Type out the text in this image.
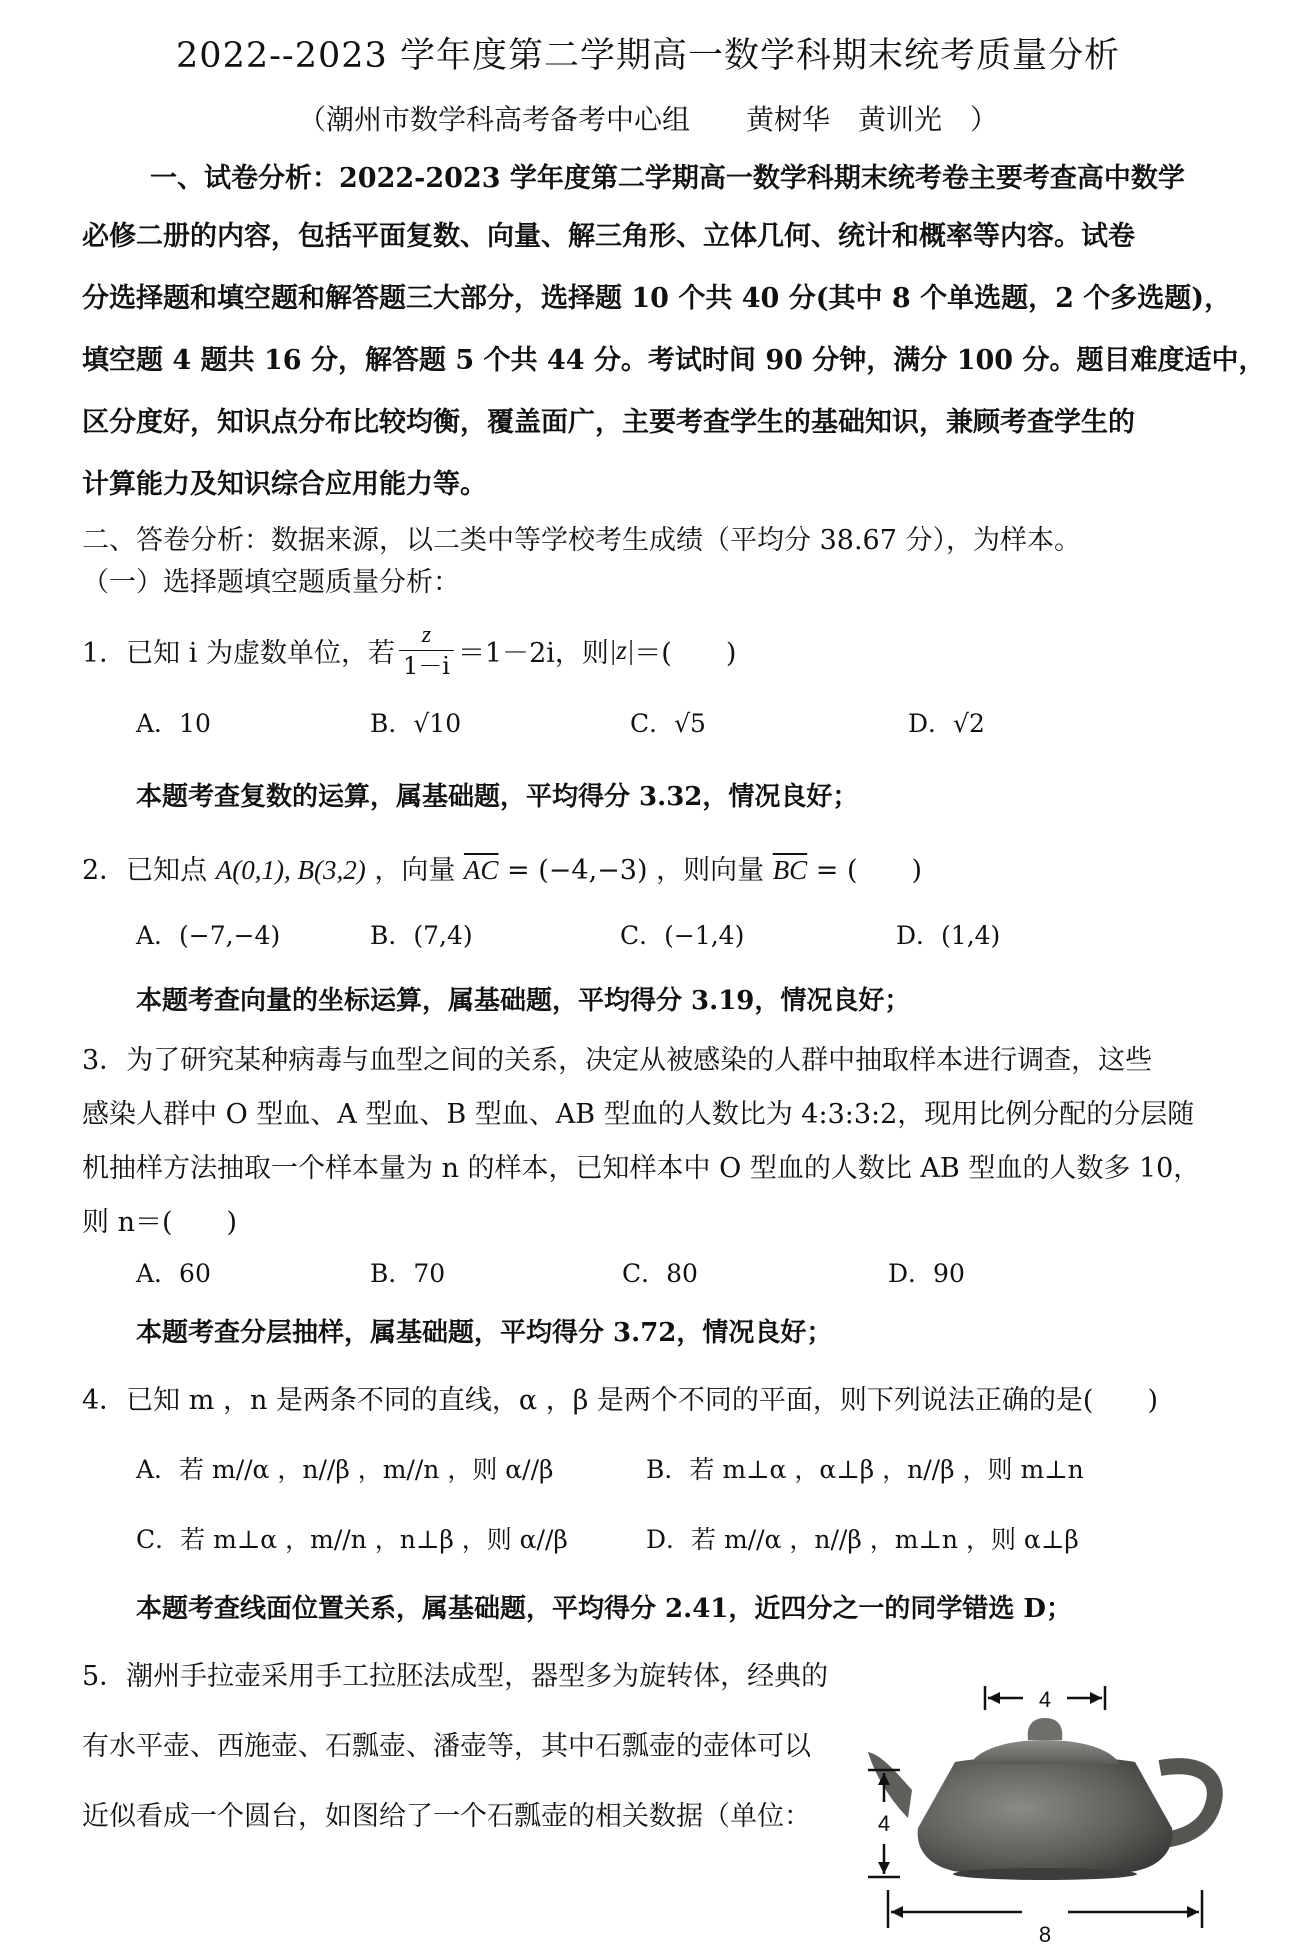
2022--2023 学年度第二学期高一数学科期末统考质量分析
（潮州市数学科高考备考中心组　　黄树华　黄训光　）
一、试卷分析：2022-2023 学年度第二学期高一数学科期末统考卷主要考查高中数学
必修二册的内容，包括平面复数、向量、解三角形、立体几何、统计和概率等内容。试卷
分选择题和填空题和解答题三大部分，选择题 10 个共 40 分(其中 8 个单选题，2 个多选题)，
填空题 4 题共 16 分，解答题 5 个共 44 分。考试时间 90 分钟，满分 100 分。题目难度适中，
区分度好，知识点分布比较均衡，覆盖面广，主要考查学生的基础知识，兼顾考查学生的
计算能力及知识综合应用能力等。
二、答卷分析：数据来源，以二类中等学校考生成绩（平均分 38.67 分），为样本。
（一）选择题填空题质量分析：
1．已知 i 为虚数单位，若 $\frac{z}{1-i} =1-2i$，则 |z| ＝(　　)
A．10	B．√10	C．√5	D．√2
本题考查复数的运算，属基础题，平均得分 3.32，情况良好；
2．已知点 A(0,1), B(3,2) ，向量 $\overline{AC} = (-4,-3)$ ，则向量 $\overline{BC}$ = (　　)
A．(−7,−4)	B．(7,4)	C．(−1,4)	D．(1,4)
本题考查向量的坐标运算，属基础题，平均得分 3.19，情况良好；
3．为了研究某种病毒与血型之间的关系，决定从被感染的人群中抽取样本进行调查，这些
感染人群中 O 型血、A 型血、B 型血、AB 型血的人数比为 4:3:3:2，现用比例分配的分层随
机抽样方法抽取一个样本量为 n 的样本，已知样本中 O 型血的人数比 AB 型血的人数多 10，
则 n＝(　　)
A．60	B．70	C．80	D．90
本题考查分层抽样，属基础题，平均得分 3.72，情况良好；
4．已知 m ，n 是两条不同的直线，α ，β 是两个不同的平面，则下列说法正确的是(　　)
A．若 m//α ，n//β ，m//n ，则 α//β	B．若 m⊥α ，α⊥β ，n//β ，则 m⊥n
C．若 m⊥α ，m//n ，n⊥β ，则 α//β	D．若 m//α ，n//β ，m⊥n ，则 α⊥β
本题考查线面位置关系，属基础题，平均得分 2.41，近四分之一的同学错选 D；
5．潮州手拉壶采用手工拉胚法成型，器型多为旋转体，经典的
有水平壶、西施壶、石瓢壶、潘壶等，其中石瓢壶的壶体可以
近似看成一个圆台，如图给了一个石瓢壶的相关数据（单位：
4
4
8
